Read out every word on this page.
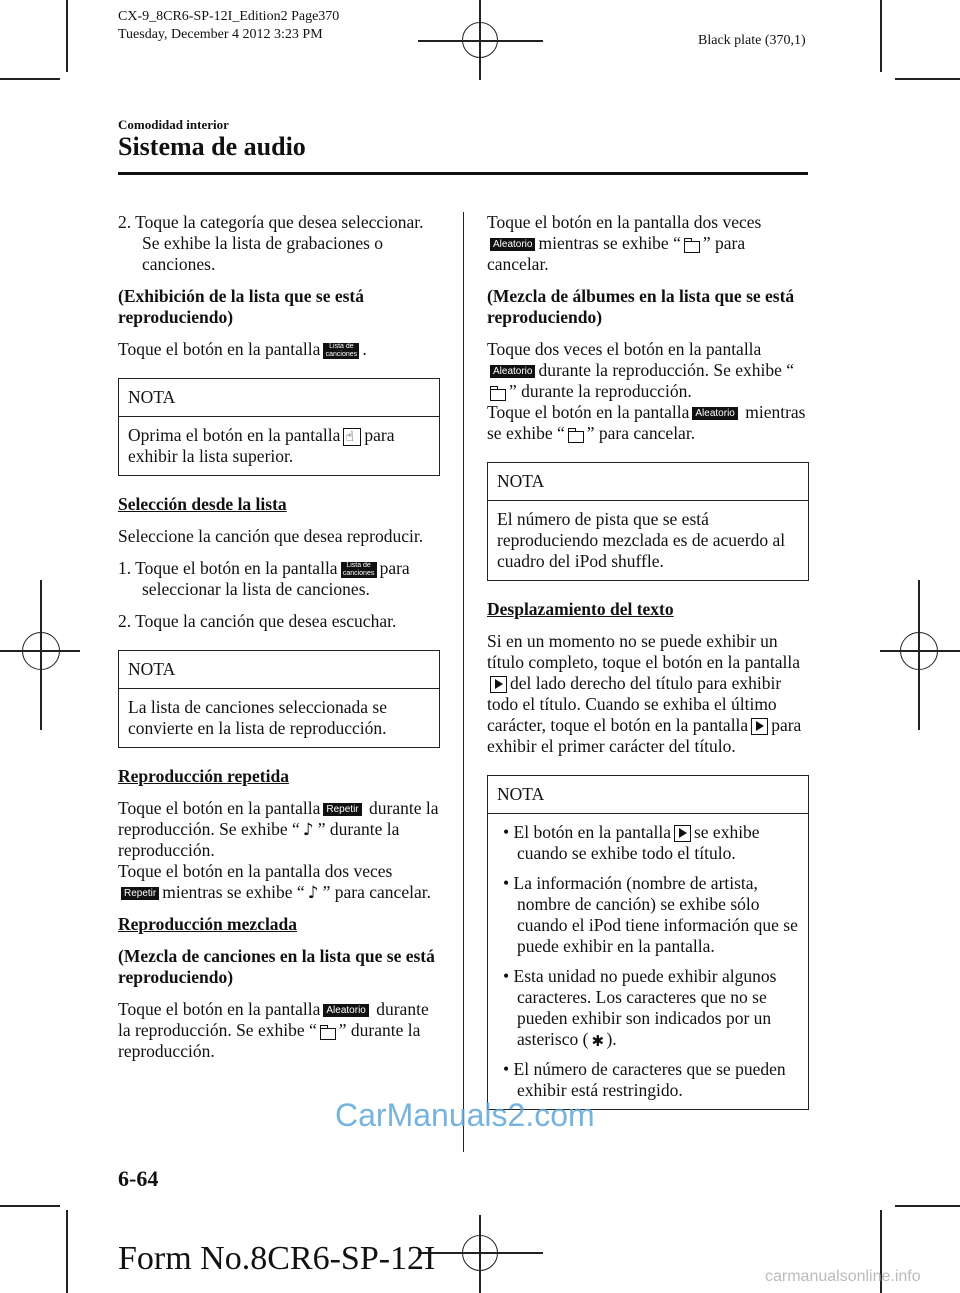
CX-9_8CR6-SP-12I_Edition2 Page370
Tuesday, December 4 2012 3:23 PM	Black plate (370,1)
Comodidad interior
Sistema de audio

2. Toque la categoría que desea seleccionar. Se exhibe la lista de grabaciones o canciones.

(Exhibición de la lista que se está reproduciendo)

Toque el botón en la pantalla Lista de canciones .

NOTA
Oprima el botón en la pantalla ☝ para exhibir la lista superior.

Selección desde la lista

Seleccione la canción que desea reproducir.

1. Toque el botón en la pantalla Lista de canciones para seleccionar la lista de canciones.

2. Toque la canción que desea escuchar.

NOTA
La lista de canciones seleccionada se convierte en la lista de reproducción.

Reproducción repetida

Toque el botón en la pantalla Repetir durante la reproducción. Se exhibe “ ♪ ” durante la reproducción.
Toque el botón en la pantalla dos veces Repetir mientras se exhibe “ ♪ ” para cancelar.

Reproducción mezclada

(Mezcla de canciones en la lista que se está reproduciendo)

Toque el botón en la pantalla Aleatorio durante la reproducción. Se exhibe “ ” durante la reproducción.

Toque el botón en la pantalla dos veces Aleatorio mientras se exhibe “ ” para cancelar.

(Mezcla de álbumes en la lista que se está reproduciendo)

Toque dos veces el botón en la pantalla Aleatorio durante la reproducción. Se exhibe “” durante la reproducción.
Toque el botón en la pantalla Aleatorio mientras se exhibe “ ” para cancelar.

NOTA
El número de pista que se está reproduciendo mezclada es de acuerdo al cuadro del iPod shuffle.

Desplazamiento del texto

Si en un momento no se puede exhibir un título completo, toque el botón en la pantalladel lado derecho del título para exhibir todo el título. Cuando se exhiba el último carácter, toque el botón en la pantalla para exhibir el primer carácter del título.

NOTA

• El botón en la pantalla se exhibe cuando se exhibe todo el título.

• La información (nombre de artista, nombre de canción) se exhibe sólo cuando el iPod tiene información que se puede exhibir en la pantalla.

• Esta unidad no puede exhibir algunos caracteres. Los caracteres que no se pueden exhibir son indicados por un asterisco ( ✱ ).

• El número de caracteres que se pueden exhibir está restringido.

CarManuals2.com
6-64
Form No.8CR6-SP-12I	carmanualsonline.info
